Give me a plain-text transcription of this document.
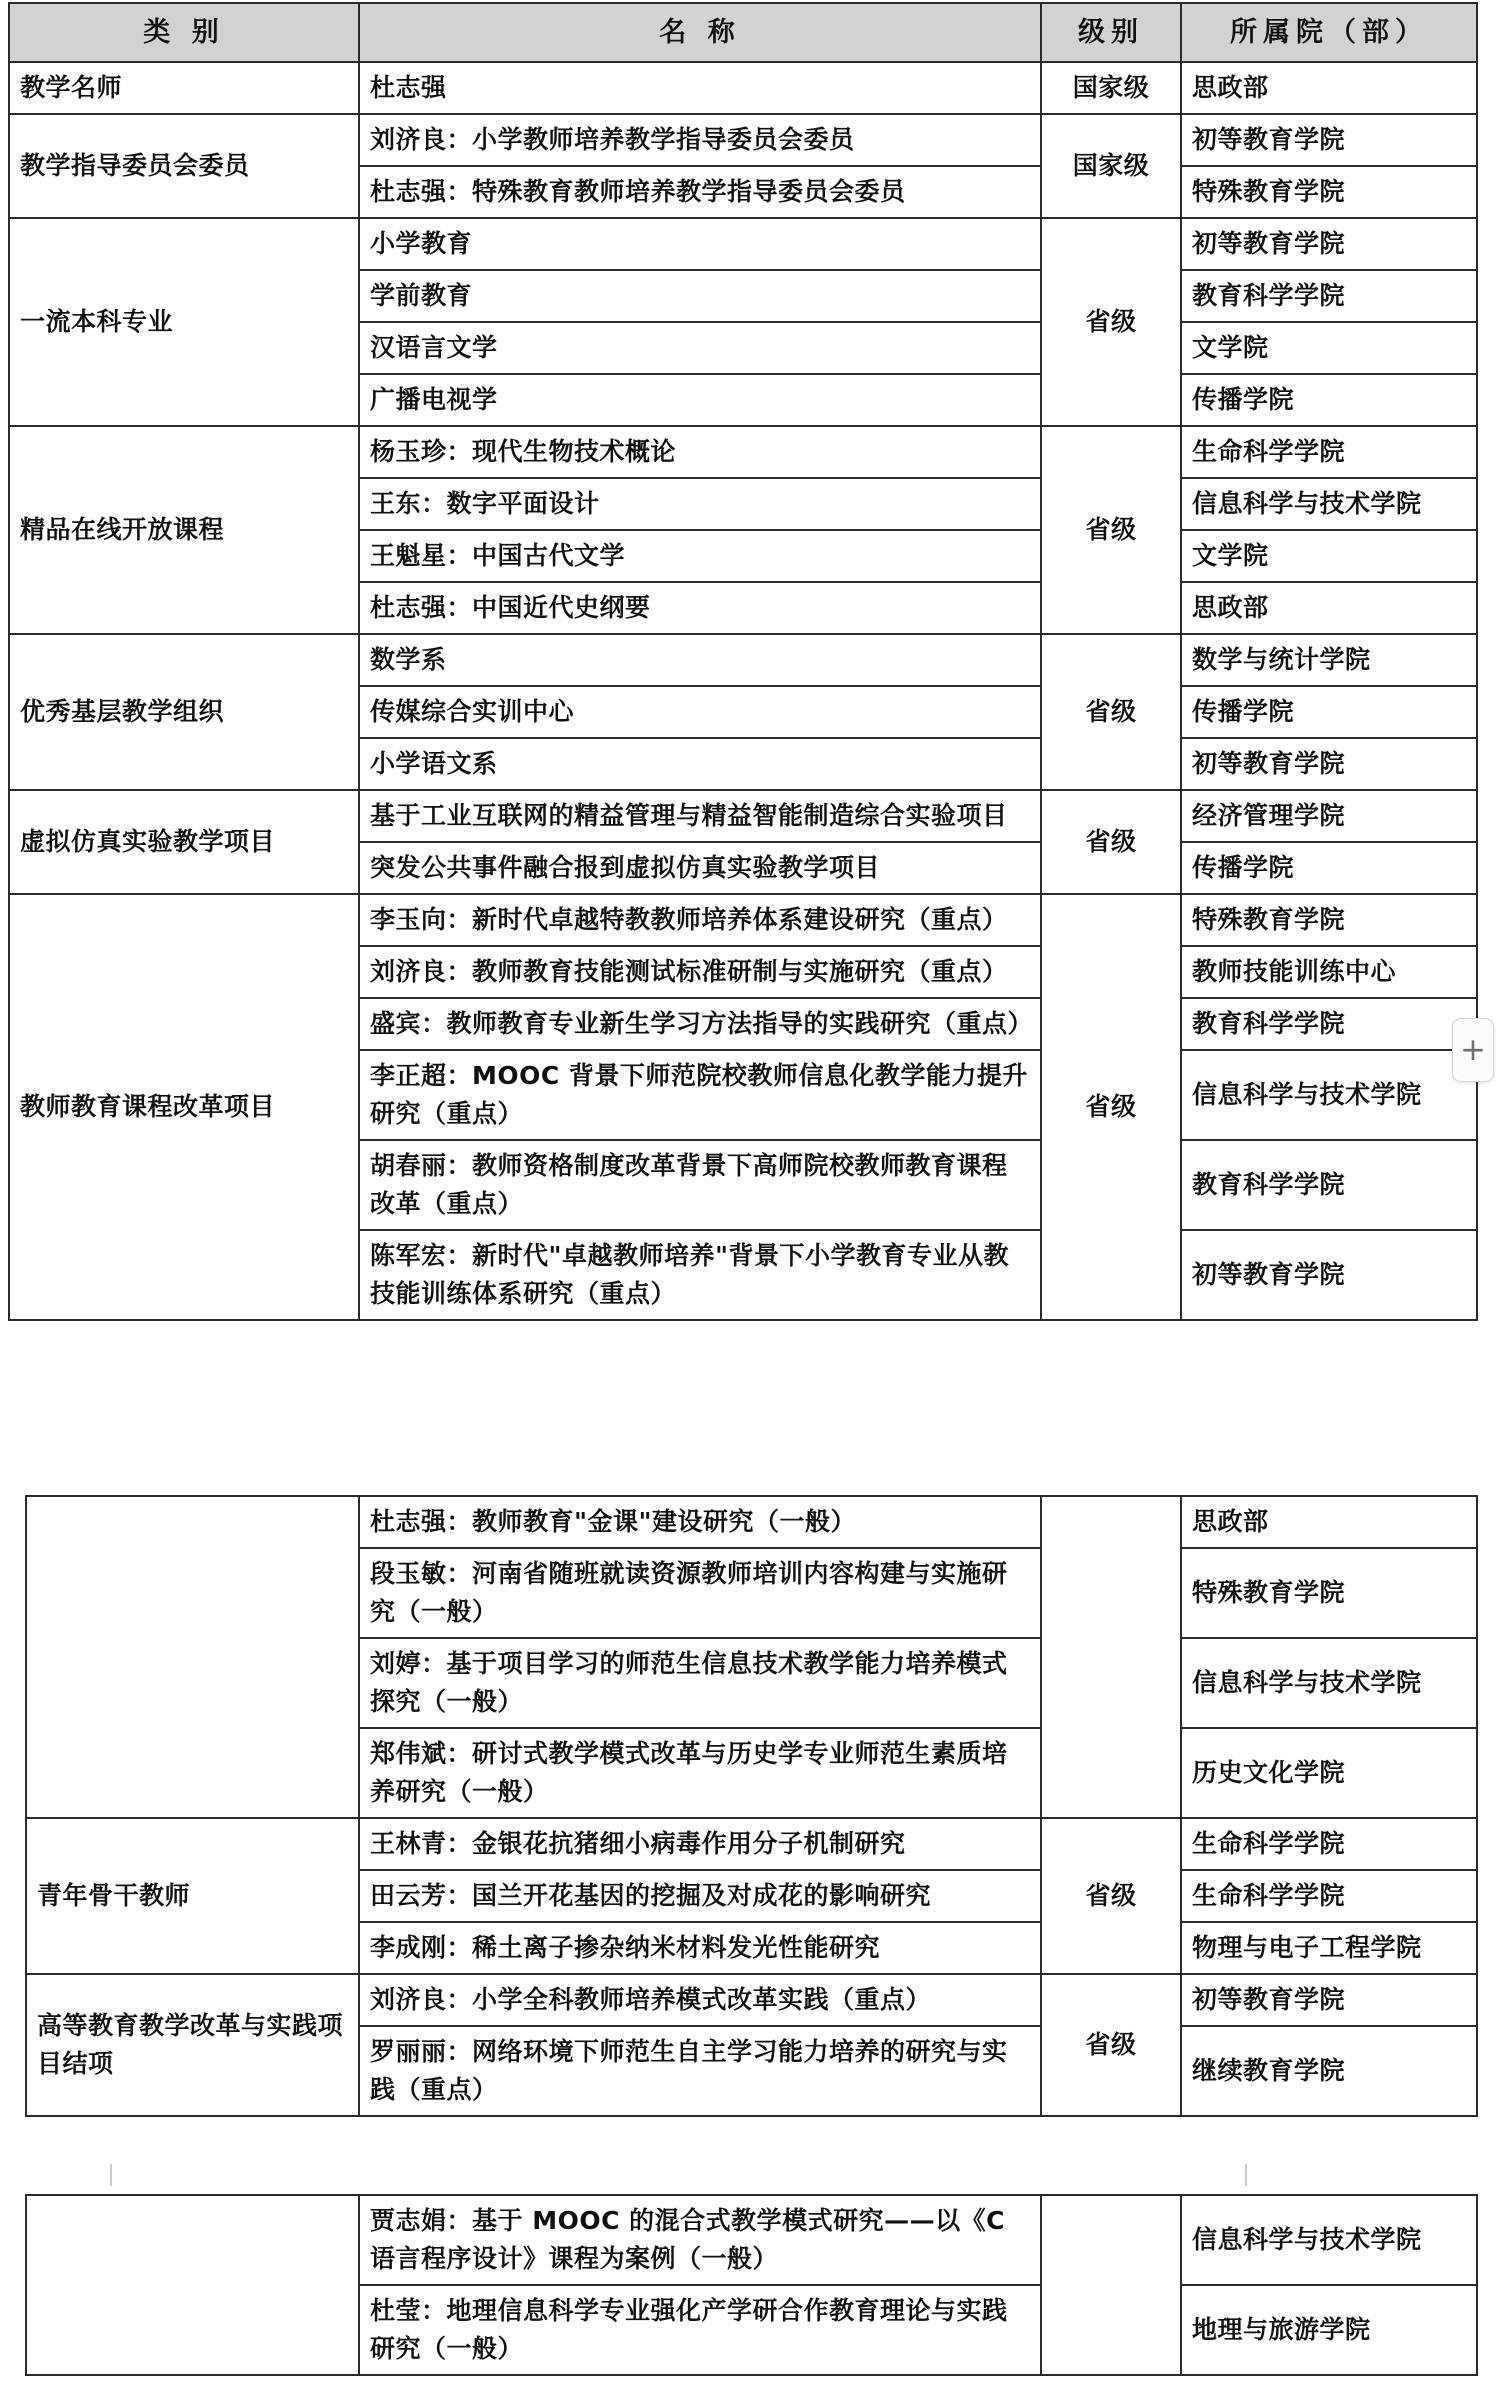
类 别	名 称	级别	所属院（部）
教学名师	杜志强	国家级	思政部
教学指导委员会委员	刘济良：小学教师培养教学指导委员会委员	国家级	初等教育学院
	杜志强：特殊教育教师培养教学指导委员会委员		特殊教育学院
一流本科专业	小学教育	省级	初等教育学院
	学前教育		教育科学学院
	汉语言文学		文学院
	广播电视学		传播学院
精品在线开放课程	杨玉珍：现代生物技术概论	省级	生命科学学院
	王东：数字平面设计		信息科学与技术学院
	王魁星：中国古代文学		文学院
	杜志强：中国近代史纲要		思政部
优秀基层教学组织	数学系	省级	数学与统计学院
	传媒综合实训中心		传播学院
	小学语文系		初等教育学院
虚拟仿真实验教学项目	基于工业互联网的精益管理与精益智能制造综合实验项目	省级	经济管理学院
	突发公共事件融合报到虚拟仿真实验教学项目		传播学院
教师教育课程改革项目	李玉向：新时代卓越特教教师培养体系建设研究（重点）	省级	特殊教育学院
	刘济良：教师教育技能测试标准研制与实施研究（重点）		教师技能训练中心
	盛宾：教师教育专业新生学习方法指导的实践研究（重点）		教育科学学院
	李正超：MOOC 背景下师范院校教师信息化教学能力提升研究（重点）		信息科学与技术学院
	胡春丽：教师资格制度改革背景下高师院校教师教育课程改革（重点）		教育科学学院
	陈军宏：新时代"卓越教师培养"背景下小学教育专业从教技能训练体系研究（重点）		初等教育学院
	杜志强：教师教育"金课"建设研究（一般）		思政部
	段玉敏：河南省随班就读资源教师培训内容构建与实施研究（一般）		特殊教育学院
	刘婷：基于项目学习的师范生信息技术教学能力培养模式探究（一般）		信息科学与技术学院
	郑伟斌：研讨式教学模式改革与历史学专业师范生素质培养研究（一般）		历史文化学院
青年骨干教师	王林青：金银花抗猪细小病毒作用分子机制研究	省级	生命科学学院
	田云芳：国兰开花基因的挖掘及对成花的影响研究		生命科学学院
	李成刚：稀土离子掺杂纳米材料发光性能研究		物理与电子工程学院
高等教育教学改革与实践项目结项	刘济良：小学全科教师培养模式改革实践（重点）	省级	初等教育学院
	罗丽丽：网络环境下师范生自主学习能力培养的研究与实践（重点）		继续教育学院
	贾志娟：基于 MOOC 的混合式教学模式研究——以《C 语言程序设计》课程为案例（一般）		信息科学与技术学院
	杜莹：地理信息科学专业强化产学研合作教育理论与实践研究（一般）		地理与旅游学院
+
